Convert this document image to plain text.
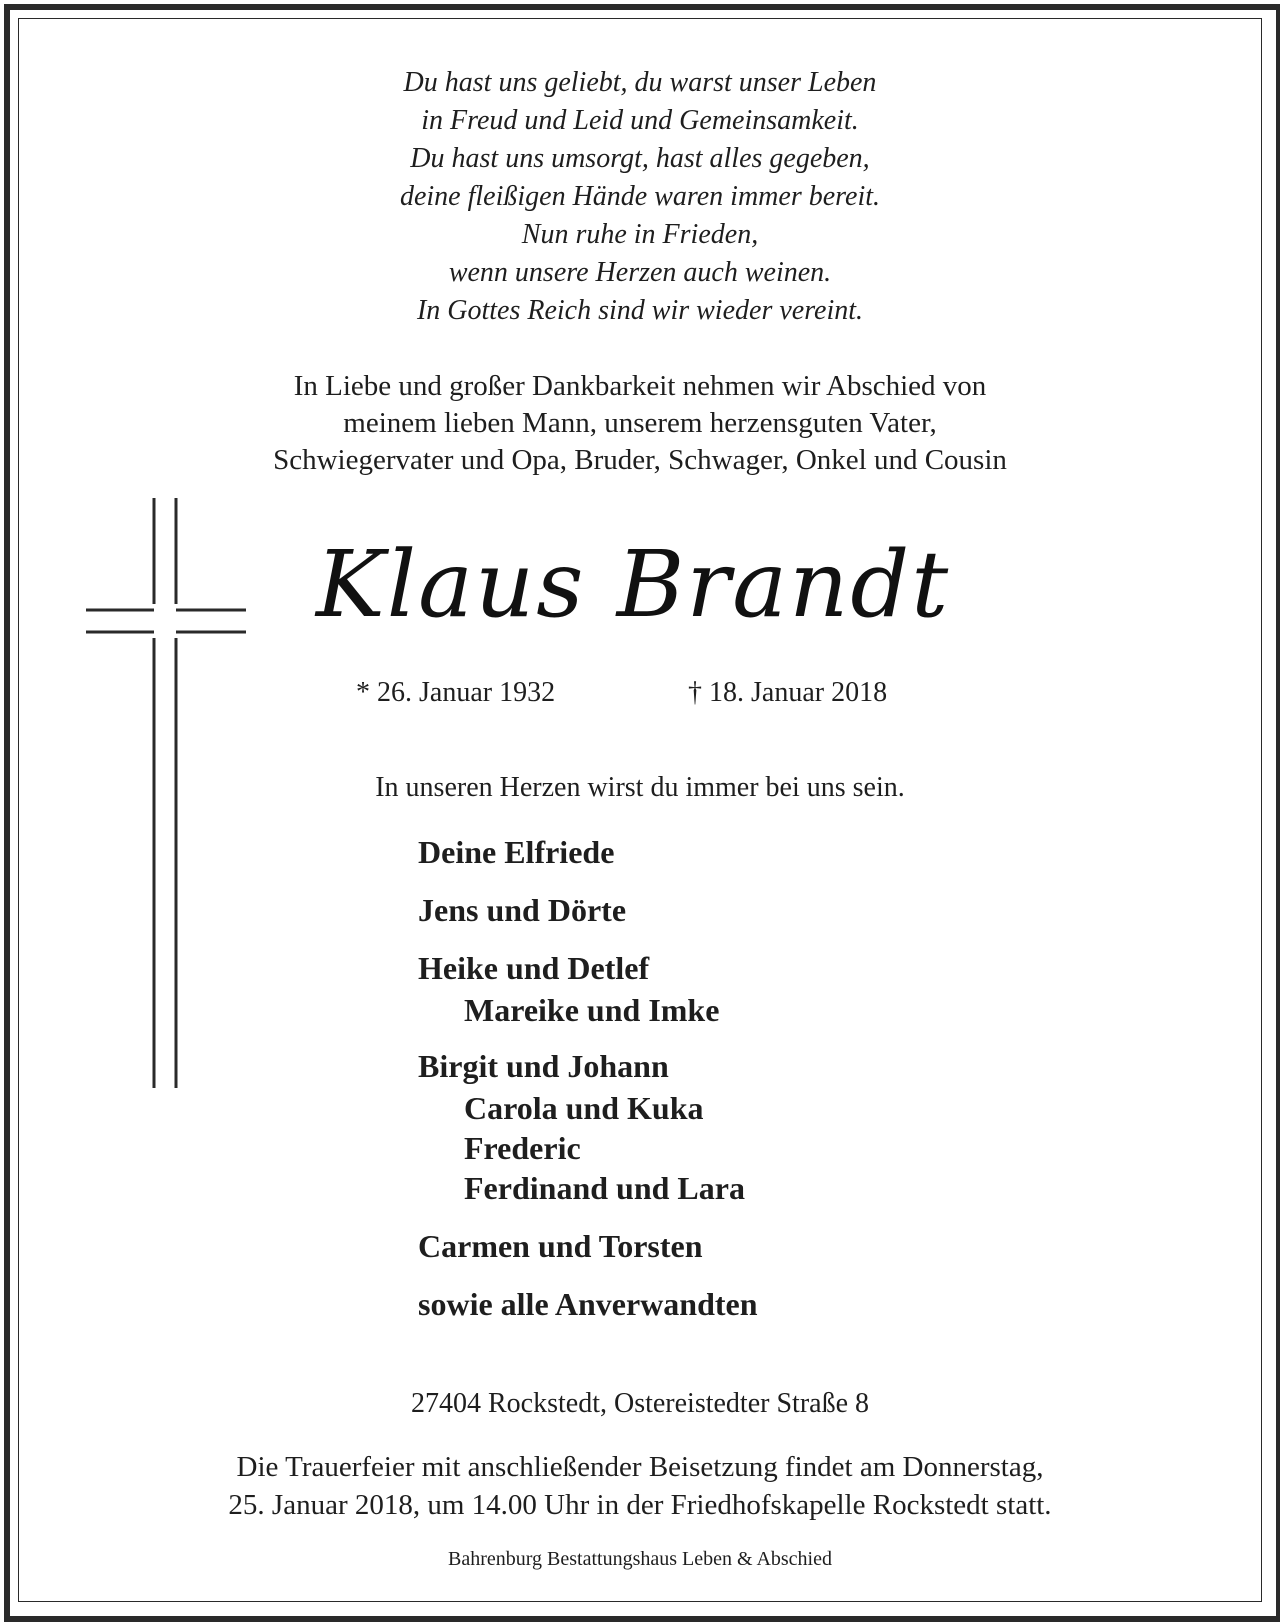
Du hast uns geliebt, du warst unser Leben
in Freud und Leid und Gemeinsamkeit.
Du hast uns umsorgt, hast alles gegeben,
deine fleißigen Hände waren immer bereit.
Nun ruhe in Frieden,
wenn unsere Herzen auch weinen.
In Gottes Reich sind wir wieder vereint.
In Liebe und großer Dankbarkeit nehmen wir Abschied von
meinem lieben Mann, unserem herzensguten Vater,
Schwiegervater und Opa, Bruder, Schwager, Onkel und Cousin
Klaus Brandt
* 26. Januar 1932	† 18. Januar 2018
In unseren Herzen wirst du immer bei uns sein.
Deine Elfriede
Jens und Dörte
Heike und Detlef
Mareike und Imke
Birgit und Johann
Carola und Kuka
Frederic
Ferdinand und Lara
Carmen und Torsten
sowie alle Anverwandten
27404 Rockstedt, Ostereistedter Straße 8
Die Trauerfeier mit anschließender Beisetzung findet am Donnerstag,
25. Januar 2018, um 14.00 Uhr in der Friedhofskapelle Rockstedt statt.
Bahrenburg Bestattungshaus Leben & Abschied
